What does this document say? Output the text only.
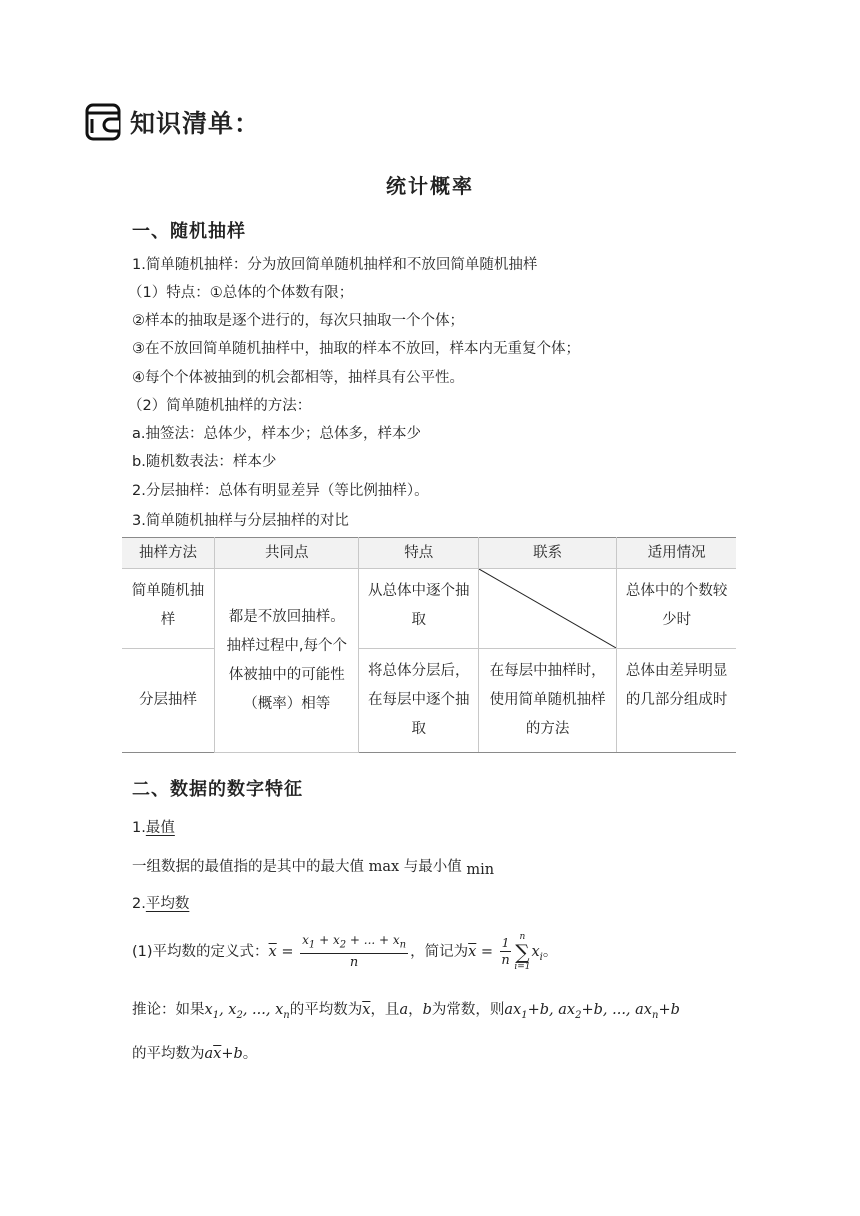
知识清单：
统计概率
一、随机抽样
1.简单随机抽样：分为放回简单随机抽样和不放回简单随机抽样
（1）特点：①总体的个体数有限；
②样本的抽取是逐个进行的，每次只抽取一个个体；
③在不放回简单随机抽样中，抽取的样本不放回，样本内无重复个体；
④每个个体被抽到的机会都相等，抽样具有公平性。
（2）简单随机抽样的方法：
a.抽签法：总体少，样本少；总体多，样本少
b.随机数表法：样本少
2.分层抽样：总体有明显差异（等比例抽样）。
3.简单随机抽样与分层抽样的对比
抽样方法	共同点	特点	联系	适用情况
简单随机抽样	都是不放回抽样。抽样过程中,每个个体被抽中的可能性（概率）相等	从总体中逐个抽取		总体中的个数较少时
分层抽样		将总体分层后，在每层中逐个抽取	在每层中抽样时，使用简单随机抽样的方法	总体由差异明显的几部分组成时
二、数据的数字特征
1.最值
一组数据的最值指的是其中的最大值 max 与最小值 min
2.平均数
(1)平均数的定义式： $\overline{x} = \frac{x_1 + x_2 + ... + x_n}{n}$ ，简记为 $\overline{x} = \frac{1}{n}$ n
∑
i=1
$x_i$ 。
推论：如果$x_1$, $x_2$, ..., $x_n$的平均数为$\overline{x}$，且a，b为常数，则$ax_1+b$, $ax_2+b$, ..., $ax_n+b$
的平均数为$a\overline{x}+b$。
